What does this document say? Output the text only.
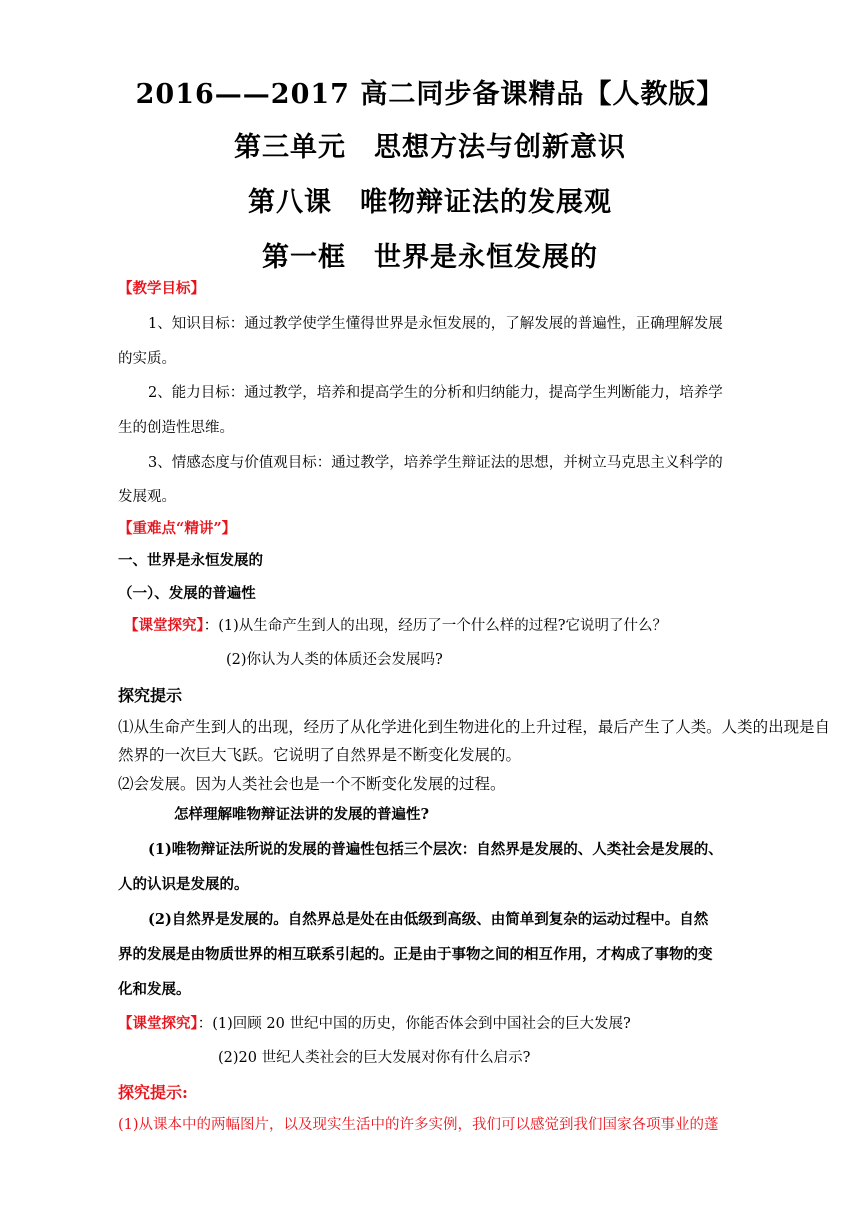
2016——2017 高二同步备课精品【人教版】
第三单元　思想方法与创新意识
第八课　唯物辩证法的发展观
第一框　世界是永恒发展的
【教学目标】
1、知识目标：通过教学使学生懂得世界是永恒发展的，了解发展的普遍性，正确理解发展
的实质。
2、能力目标：通过教学，培养和提高学生的分析和归纳能力，提高学生判断能力，培养学
生的创造性思维。
3、情感态度与价值观目标：通过教学，培养学生辩证法的思想，并树立马克思主义科学的
发展观。
【重难点“精讲”】
一、世界是永恒发展的
（一）、发展的普遍性
【课堂探究】：(1)从生命产生到人的出现，经历了一个什么样的过程?它说明了什么？
(2)你认为人类的体质还会发展吗?
探究提示
⑴从生命产生到人的出现，经历了从化学进化到生物进化的上升过程，最后产生了人类。人类的出现是自
然界的一次巨大飞跃。它说明了自然界是不断变化发展的。
⑵会发展。因为人类社会也是一个不断变化发展的过程。
怎样理解唯物辩证法讲的发展的普遍性?
(1)唯物辩证法所说的发展的普遍性包括三个层次：自然界是发展的、人类社会是发展的、
人的认识是发展的。
(2)自然界是发展的。自然界总是处在由低级到高级、由简单到复杂的运动过程中。自然
界的发展是由物质世界的相互联系引起的。正是由于事物之间的相互作用，才构成了事物的变
化和发展。
【课堂探究】：(1)回顾 20 世纪中国的历史，你能否体会到中国社会的巨大发展?
(2)20 世纪人类社会的巨大发展对你有什么启示?
探究提示:
(1)从课本中的两幅图片，以及现实生活中的许多实例，我们可以感觉到我们国家各项事业的蓬
